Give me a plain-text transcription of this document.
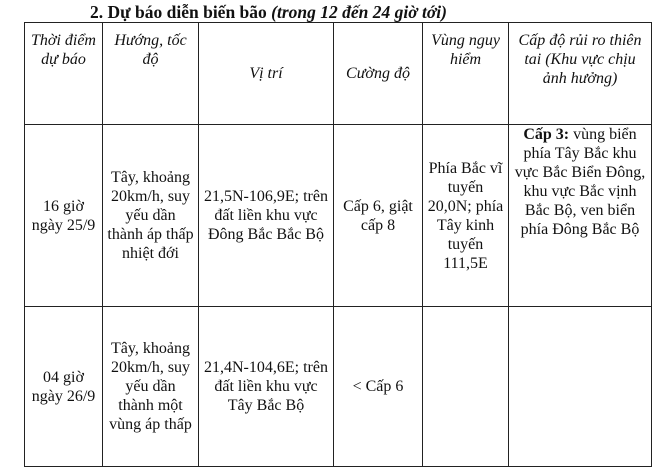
2. Dự báo diễn biến bão (trong 12 đến 24 giờ tới)
Thời điểm dự báo	Hướng, tốc độ	Vị trí	Cường độ	Vùng nguy hiểm	Cấp độ rủi ro thiên tai (Khu vực chịu ảnh hưởng)
16 giờ ngày 25/9	Tây, khoảng 20km/h, suy yếu dần thành áp thấp nhiệt đới	21,5N-106,9E; trên đất liền khu vực Đông Bắc Bắc Bộ	Cấp 6, giật cấp 8	Phía Bắc vĩ tuyến 20,0N; phía Tây kinh tuyến 111,5E	Cấp 3: vùng biển phía Tây Bắc khu vực Bắc Biển Đông, khu vực Bắc vịnh Bắc Bộ, ven biển phía Đông Bắc Bộ
04 giờ ngày 26/9	Tây, khoảng 20km/h, suy yếu dần thành một vùng áp thấp	21,4N-104,6E; trên đất liền khu vực Tây Bắc Bộ	< Cấp 6		
